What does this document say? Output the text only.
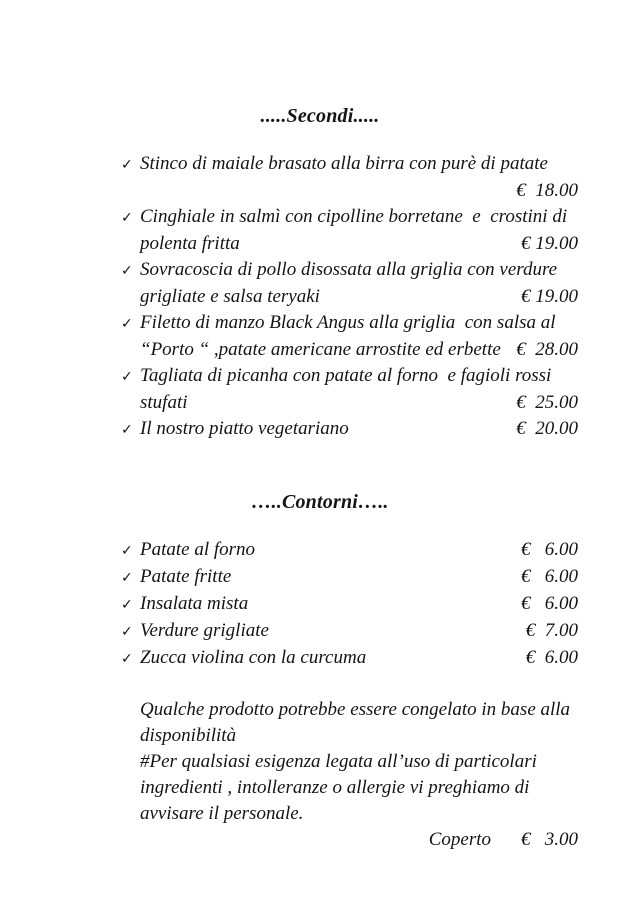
.....Secondi.....
✓ Stinco di maiale brasato alla birra con purè di patate
€  18.00
✓ Cinghiale in salmì con cipolline borretane  e  crostini di
polenta fritta	€ 19.00
✓ Sovracoscia di pollo disossata alla griglia con verdure
grigliate e salsa teryaki	€ 19.00
✓ Filetto di manzo Black Angus alla griglia  con salsa al
“Porto “ ,patate americane arrostite ed erbette €  28.00
✓ Tagliata di picanha con patate al forno  e fagioli rossi
stufati	€  25.00
✓ Il nostro piatto vegetariano	€  20.00
…..Contorni…..
✓ Patate al forno	€   6.00
✓ Patate fritte	€   6.00
✓ Insalata mista	€   6.00
✓ Verdure grigliate	€  7.00
✓ Zucca violina con la curcuma	€  6.00
Qualche prodotto potrebbe essere congelato in base alla
disponibilità
#Per qualsiasi esigenza legata all’uso di particolari
ingredienti , intolleranze o allergie vi preghiamo di
avvisare il personale.
Coperto €   3.00
